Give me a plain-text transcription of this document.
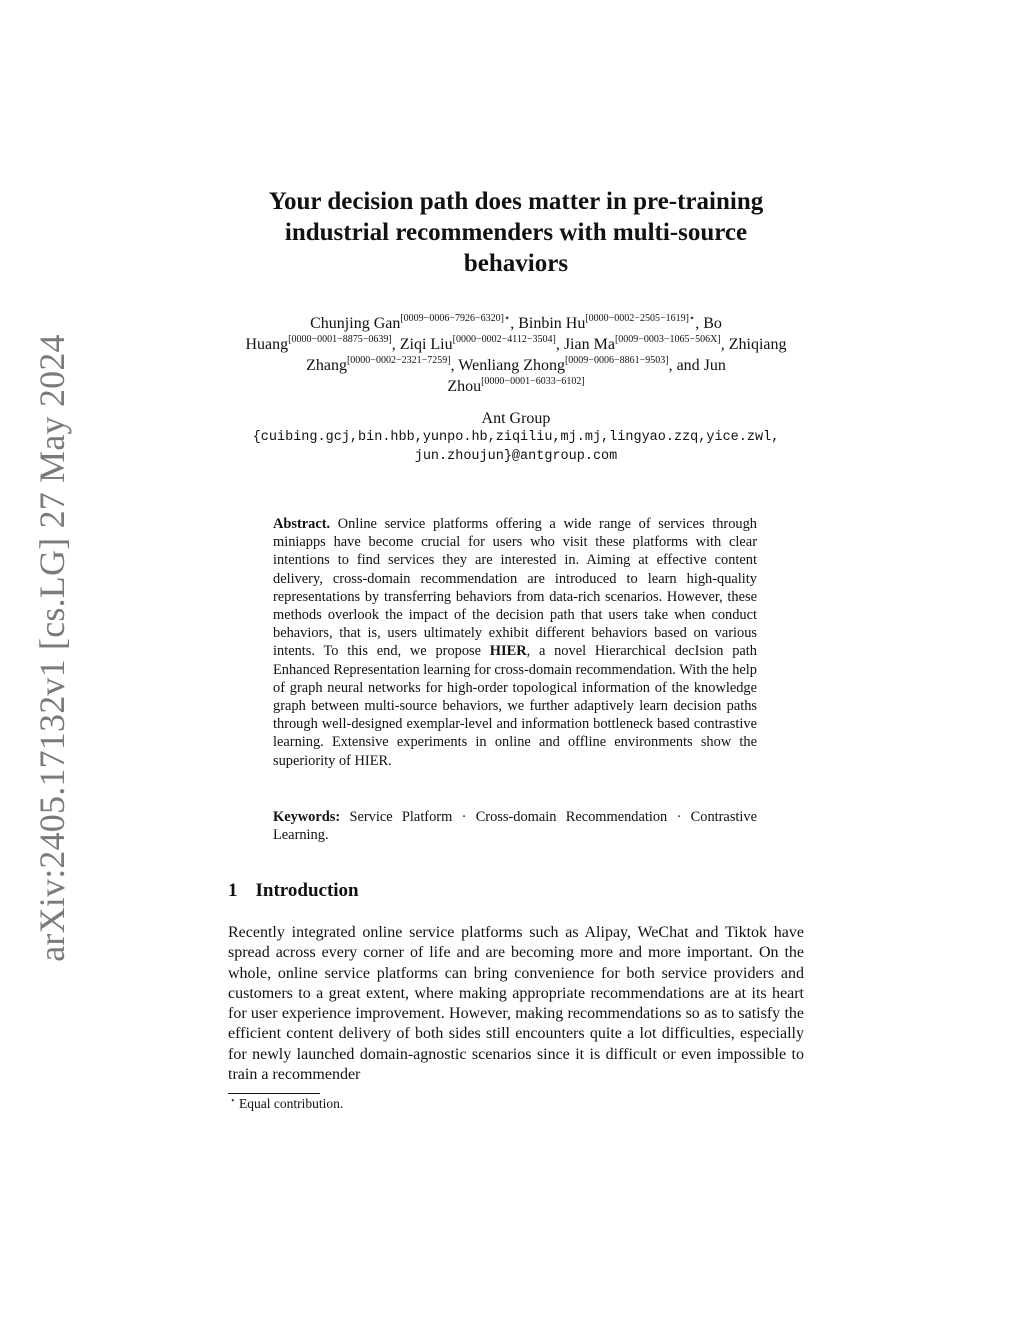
arXiv:2405.17132v1 [cs.LG] 27 May 2024
Your decision path does matter in pre-training
industrial recommenders with multi-source
behaviors
Chunjing Gan$^{[0009-0006-7926-6320]⋆}$, Binbin $Hu^{[0000-0002-2505-1619]⋆}$, Bo Huang[0000−0001−8875−0639], Ziqi Liu[0000−0002−4112−3504], Jian Ma[0009−0003−1065−506X], Zhiqiang Zhang[0000−0002−2321−7259], Wenliang Zhong[0009−0006−8861−9503], and Jun Zhou[0000−0001−6033−6102]
Ant Group
{cuibing.gcj,bin.hbb,yunpo.hb,ziqiliu,mj.mj,lingyao.zzq,yice.zwl,
jun.zhoujun}@antgroup.com
Abstract. Online service platforms offering a wide range of services through miniapps have become crucial for users who visit these platforms with clear intentions to find services they are interested in. Aiming at effective content delivery, cross-domain recommendation are introduced to learn high-quality representations by transferring behaviors from data-rich scenarios. However, these methods overlook the impact of the decision path that users take when conduct behaviors, that is, users ultimately exhibit different behaviors based on various intents. To this end, we propose HIER, a novel Hierarchical decIsion path Enhanced Representation learning for cross-domain recommendation. With the help of graph neural networks for high-order topological information of the knowledge graph between multi-source behaviors, we further adaptively learn decision paths through well-designed exemplar-level and information bottleneck based contrastive learning. Extensive experiments in online and offline environments show the superiority of HIER.
Keywords: Service Platform · Cross-domain Recommendation · Contrastive Learning.
1 Introduction
Recently integrated online service platforms such as Alipay, WeChat and Tiktok have spread across every corner of life and are becoming more and more important. On the whole, online service platforms can bring convenience for both service providers and customers to a great extent, where making appropriate recommendations are at its heart for user experience improvement. However, making recommendations so as to satisfy the efficient content delivery of both sides still encounters quite a lot difficulties, especially for newly launched domain-agnostic scenarios since it is difficult or even impossible to train a recommender
⋆ Equal contribution.
